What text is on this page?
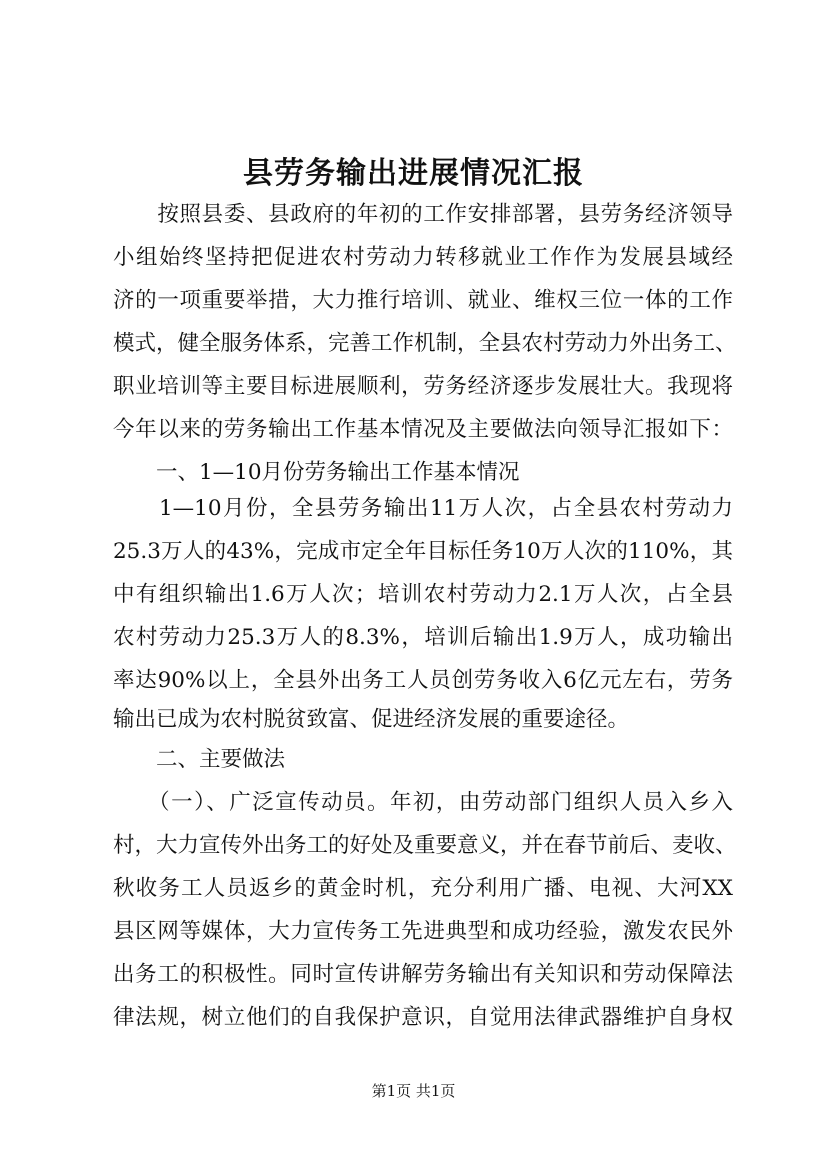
县劳务输出进展情况汇报
　　按照县委、县政府的年初的工作安排部署，县劳务经济领导
小组始终坚持把促进农村劳动力转移就业工作作为发展县域经
济的一项重要举措，大力推行培训、就业、维权三位一体的工作
模式，健全服务体系，完善工作机制，全县农村劳动力外出务工、
职业培训等主要目标进展顺利，劳务经济逐步发展壮大。我现将
今年以来的劳务输出工作基本情况及主要做法向领导汇报如下：
　　一、1—10月份劳务输出工作基本情况
　　1—10月份，全县劳务输出11万人次，占全县农村劳动力
25.3万人的43%，完成市定全年目标任务10万人次的110%，其
中有组织输出1.6万人次；培训农村劳动力2.1万人次，占全县
农村劳动力25.3万人的8.3%，培训后输出1.9万人，成功输出
率达90%以上，全县外出务工人员创劳务收入6亿元左右，劳务
输出已成为农村脱贫致富、促进经济发展的重要途径。
　　二、主要做法
　　（一）、广泛宣传动员。年初，由劳动部门组织人员入乡入
村，大力宣传外出务工的好处及重要意义，并在春节前后、麦收、
秋收务工人员返乡的黄金时机，充分利用广播、电视、大河XX
县区网等媒体，大力宣传务工先进典型和成功经验，激发农民外
出务工的积极性。同时宣传讲解劳务输出有关知识和劳动保障法
律法规，树立他们的自我保护意识，自觉用法律武器维护自身权
第1页 共1页
